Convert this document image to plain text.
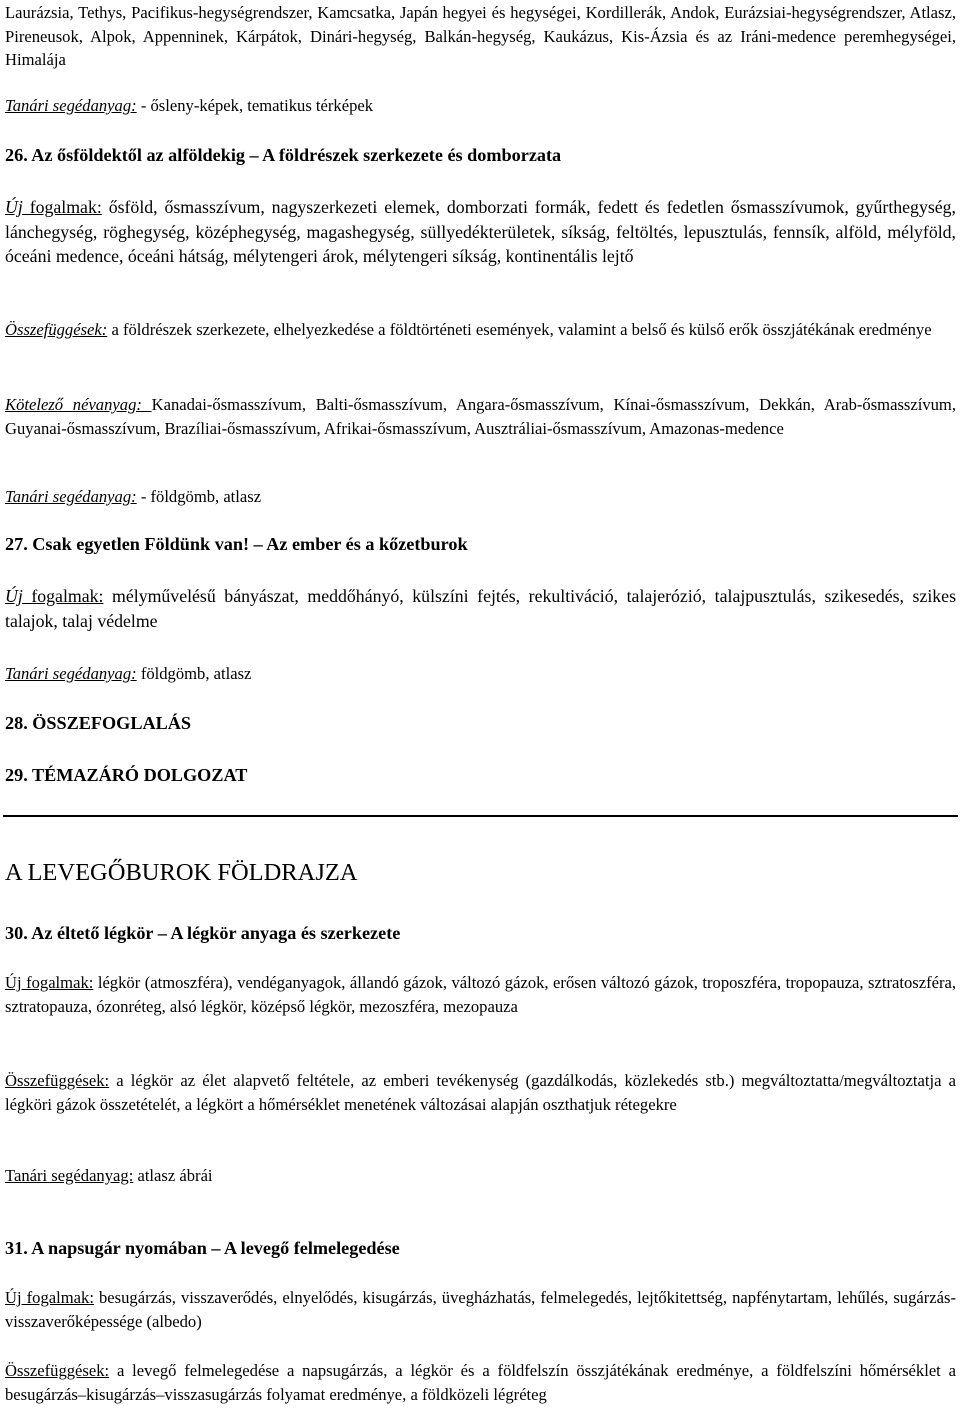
Laurázsia, Tethys, Pacifikus-hegységrendszer, Kamcsatka, Japán hegyei és hegységei, Kordillerák, Andok, Eurázsiai-hegységrendszer, Atlasz, Pireneusok, Alpok, Appenninek, Kárpátok, Dinári-hegység, Balkán-hegység, Kaukázus, Kis-Ázsia és az Iráni-medence peremhegységei, Himalája

Tanári segédanyag: - ősleny-képek, tematikus térképek

26. Az ősföldektől az alföldekig – A földrészek szerkezete és domborzata

Új fogalmak: ősföld, ősmasszívum, nagyszerkezeti elemek, domborzati formák, fedett és fedetlen ősmasszívumok, gyűrthegység, lánchegység, röghegység, középhegység, magashegység, süllyedékterületek, síkság, feltöltés, lepusztulás, fennsík, alföld, mélyföld, óceáni medence, óceáni hátság, mélytengeri árok, mélytengeri síkság, kontinentális lejtő

Összefüggések: a földrészek szerkezete, elhelyezkedése a földtörténeti események, valamint a belső és külső erők összjátékának eredménye

Kötelező névanyag: Kanadai-ősmasszívum, Balti-ősmasszívum, Angara-ősmasszívum, Kínai-ősmasszívum, Dekkán, Arab-ősmasszívum, Guyanai-ősmasszívum, Brazíliai-ősmasszívum, Afrikai-ősmasszívum, Ausztráliai-ősmasszívum, Amazonas-medence

Tanári segédanyag: - földgömb, atlasz

27. Csak egyetlen Földünk van! – Az ember és a kőzetburok

Új fogalmak: mélyművelésű bányászat, meddőhányó, külszíni fejtés, rekultiváció, talajerózió, talajpusztulás, szikesedés, szikes talajok, talaj védelme

Tanári segédanyag: földgömb, atlasz

28. ÖSSZEFOGLALÁS
29. TÉMAZÁRÓ DOLGOZAT
A LEVEGŐBUROK FÖLDRAJZA
30. Az éltető légkör – A légkör anyaga és szerkezete

Új fogalmak: légkör (atmoszféra), vendéganyagok, állandó gázok, változó gázok, erősen változó gázok, troposzféra, tropopauza, sztratoszféra, sztratopauza, ózonréteg, alsó légkör, középső légkör, mezoszféra, mezopauza

Összefüggések: a légkör az élet alapvető feltétele, az emberi tevékenység (gazdálkodás, közlekedés stb.) megváltoztatta/megváltoztatja a légköri gázok összetételét, a légkört a hőmérséklet menetének változásai alapján oszthatjuk rétegekre

Tanári segédanyag: atlasz ábrái

31. A napsugár nyomában – A levegő felmelegedése

Új fogalmak: besugárzás, visszaverődés, elnyelődés, kisugárzás, üvegházhatás, felmelegedés, lejtőkitettség, napfénytartam, lehűlés, sugárzás-visszaverőképessége (albedo)

Összefüggések: a levegő felmelegedése a napsugárzás, a légkör és a földfelszín összjátékának eredménye, a földfelszíni hőmérséklet a besugárzás–kisugárzás–visszasugárzás folyamat eredménye, a földközeli légréteg
